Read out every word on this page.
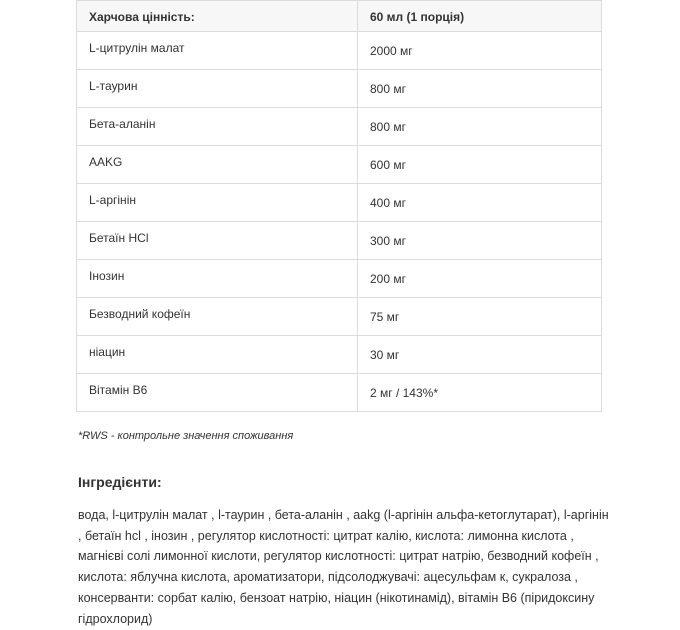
Харчова цінність:	60 мл (1 порція)
L-цитрулін малат	2000 мг
L-таурин	800 мг
Бета-аланін	800 мг
AAKG	600 мг
L-аргінін	400 мг
Бетаїн HCl	300 мг
Інозин	200 мг
Безводний кофеїн	75 мг
ніацин	30 мг
Вітамін B6	2 мг / 143%*

*RWS - контрольне значення споживання

Інгредієнти:

вода, l-цитрулін малат , l-таурин , бета-аланін , aakg (l-аргінін альфа-кетоглутарат), l-аргінін , бетаїн hcl , інозин , регулятор кислотності: цитрат калію, кислота: лимонна кислота , магнієві солі лимонної кислоти, регулятор кислотності: цитрат натрію, безводний кофеїн , кислота: яблучна кислота, ароматизатори, підсолоджувачі: ацесульфам к, сукралоза , консерванти: сорбат калію, бензоат натрію, ніацин (нікотинамід), вітамін B6 (піридоксину гідрохлорид)
